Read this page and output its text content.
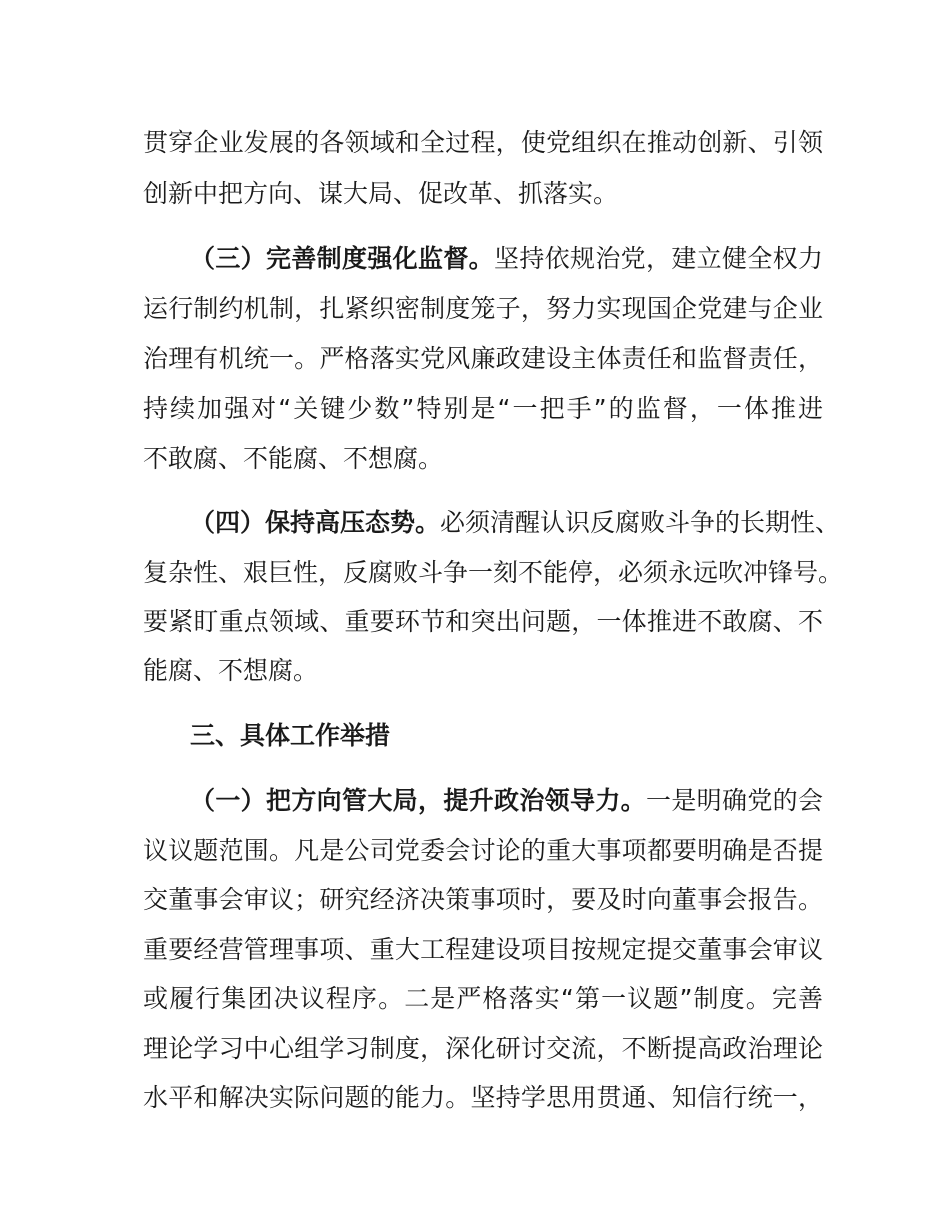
贯穿企业发展的各领域和全过程，使党组织在推动创新、引领
创新中把方向、谋大局、促改革、抓落实。
（三）完善制度强化监督。坚持依规治党，建立健全权力
运行制约机制，扎紧织密制度笼子，努力实现国企党建与企业
治理有机统一。严格落实党风廉政建设主体责任和监督责任，
持续加强对“关键少数”特别是“一把手”的监督，一体推进
不敢腐、不能腐、不想腐。
（四）保持高压态势。必须清醒认识反腐败斗争的长期性、
复杂性、艰巨性，反腐败斗争一刻不能停，必须永远吹冲锋号。
要紧盯重点领域、重要环节和突出问题，一体推进不敢腐、不
能腐、不想腐。
三、具体工作举措
（一）把方向管大局，提升政治领导力。一是明确党的会
议议题范围。凡是公司党委会讨论的重大事项都要明确是否提
交董事会审议；研究经济决策事项时，要及时向董事会报告。
重要经营管理事项、重大工程建设项目按规定提交董事会审议
或履行集团决议程序。二是严格落实“第一议题”制度。完善
理论学习中心组学习制度，深化研讨交流，不断提高政治理论
水平和解决实际问题的能力。坚持学思用贯通、知信行统一，
